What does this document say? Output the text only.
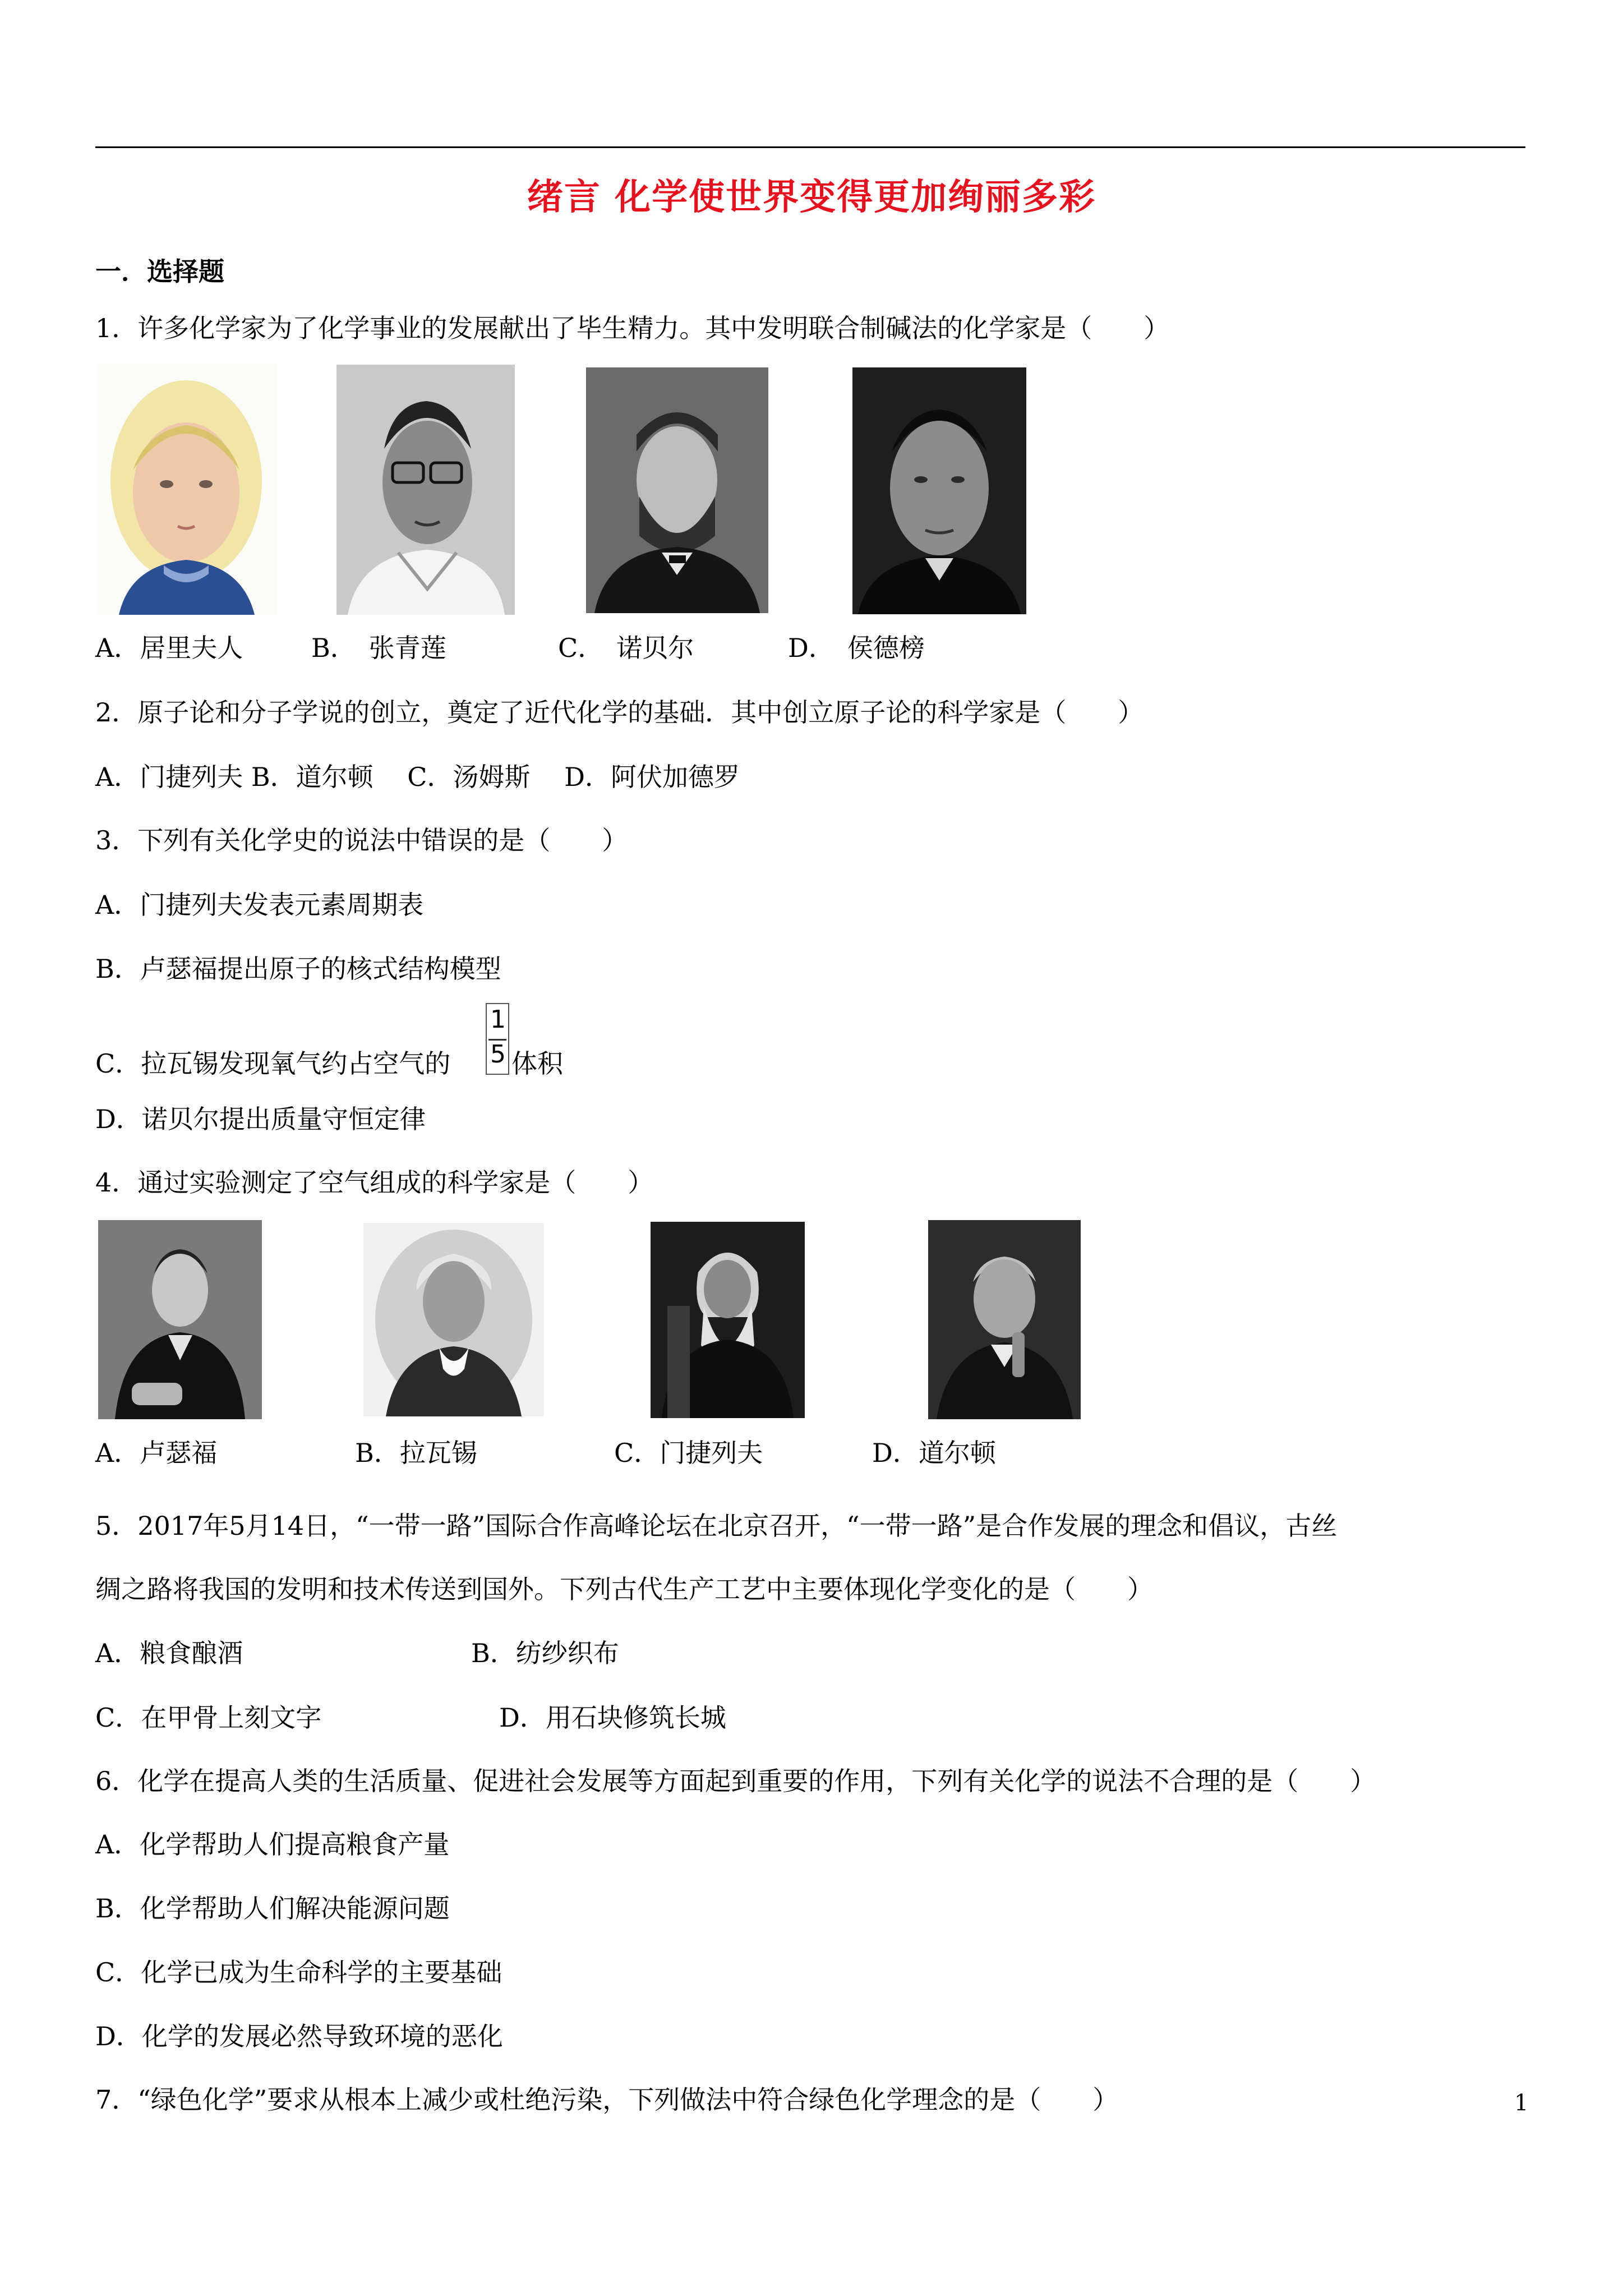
绪言 化学使世界变得更加绚丽多彩
一．选择题
1．许多化学家为了化学事业的发展献出了毕生精力。其中发明联合制碱法的化学家是（　　）
A．居里夫人	B．　张青莲	C．　诺贝尔	D．　侯德榜
2．原子论和分子学说的创立，奠定了近代化学的基础．其中创立原子论的科学家是（　　）
A．门捷列夫 B．道尔顿　 C．汤姆斯　 D．阿伏加德罗
3．下列有关化学史的说法中错误的是（　　）
A．门捷列夫发表元素周期表
B．卢瑟福提出原子的核式结构模型
C．拉瓦锡发现氧气约占空气的
1
5 体积
D．诺贝尔提出质量守恒定律
4．通过实验测定了空气组成的科学家是（　　）
A．卢瑟福	B．拉瓦锡	C．门捷列夫	D．道尔顿
5．2017年5月14日，“一带一路”国际合作高峰论坛在北京召开，“一带一路”是合作发展的理念和倡议，古丝
绸之路将我国的发明和技术传送到国外。下列古代生产工艺中主要体现化学变化的是（　　）
A．粮食酿酒	B．纺纱织布
C．在甲骨上刻文字	D．用石块修筑长城
6．化学在提高人类的生活质量、促进社会发展等方面起到重要的作用，下列有关化学的说法不合理的是（　　）
A．化学帮助人们提高粮食产量
B．化学帮助人们解决能源问题
C．化学已成为生命科学的主要基础
D．化学的发展必然导致环境的恶化
7．“绿色化学”要求从根本上减少或杜绝污染，下列做法中符合绿色化学理念的是（　　）	1
